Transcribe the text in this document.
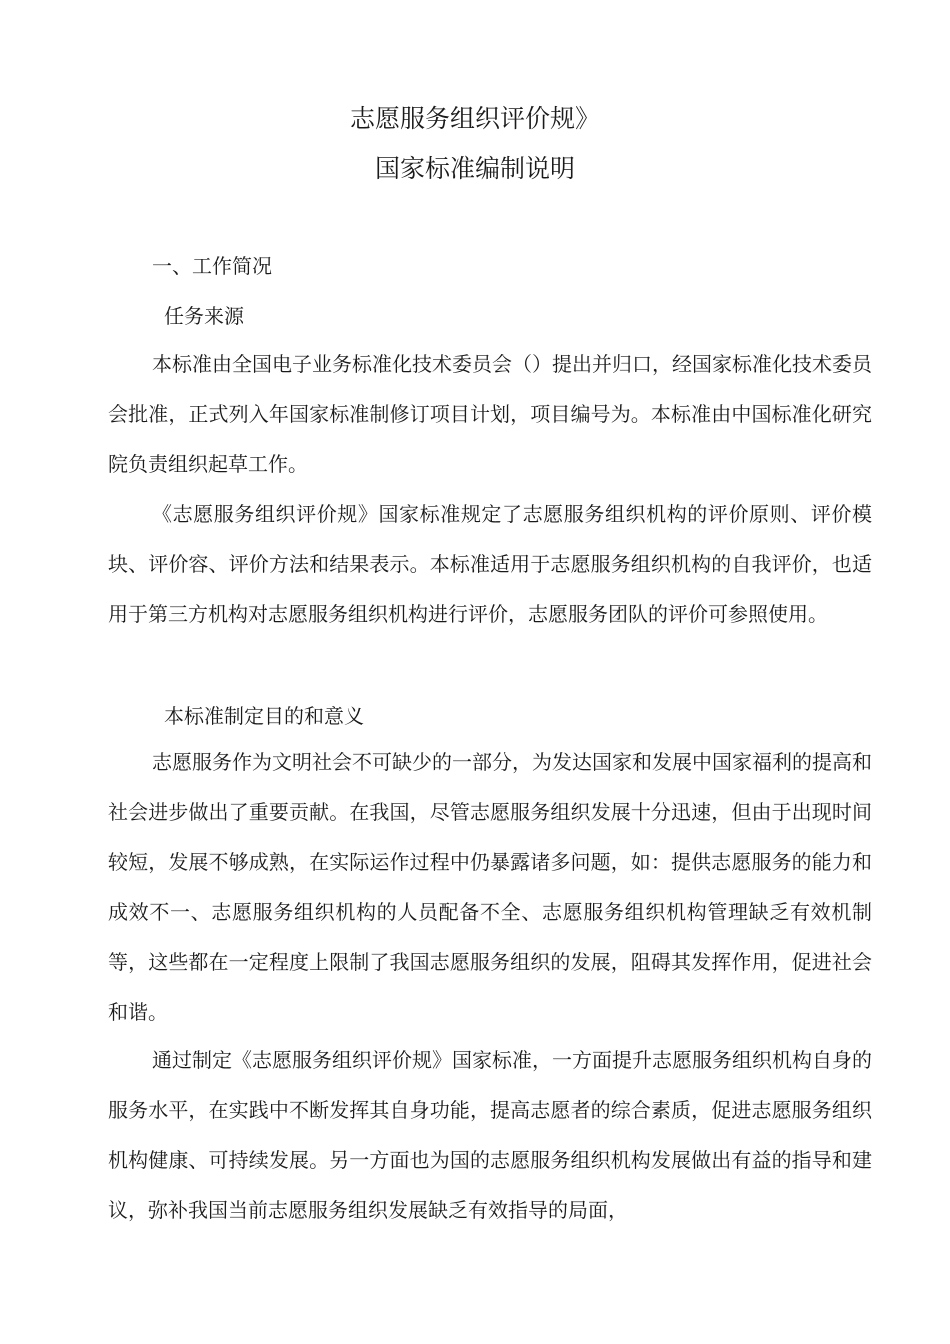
志愿服务组织评价规》
国家标准编制说明
一、工作简况
任务来源
本标准由全国电子业务标准化技术委员会（）提出并归口，经国家标准化技术委员会批准，正式列入年国家标准制修订项目计划，项目编号为。本标准由中国标准化研究院负责组织起草工作。
《志愿服务组织评价规》国家标准规定了志愿服务组织机构的评价原则、评价模块、评价容、评价方法和结果表示。本标准适用于志愿服务组织机构的自我评价，也适用于第三方机构对志愿服务组织机构进行评价，志愿服务团队的评价可参照使用。
本标准制定目的和意义
志愿服务作为文明社会不可缺少的一部分，为发达国家和发展中国家福利的提高和社会进步做出了重要贡献。在我国，尽管志愿服务组织发展十分迅速，但由于出现时间较短，发展不够成熟，在实际运作过程中仍暴露诸多问题，如：提供志愿服务的能力和成效不一、志愿服务组织机构的人员配备不全、志愿服务组织机构管理缺乏有效机制等，这些都在一定程度上限制了我国志愿服务组织的发展，阻碍其发挥作用，促进社会和谐。
通过制定《志愿服务组织评价规》国家标准，一方面提升志愿服务组织机构自身的服务水平，在实践中不断发挥其自身功能，提高志愿者的综合素质，促进志愿服务组织机构健康、可持续发展。另一方面也为国的志愿服务组织机构发展做出有益的指导和建议，弥补我国当前志愿服务组织发展缺乏有效指导的局面，
